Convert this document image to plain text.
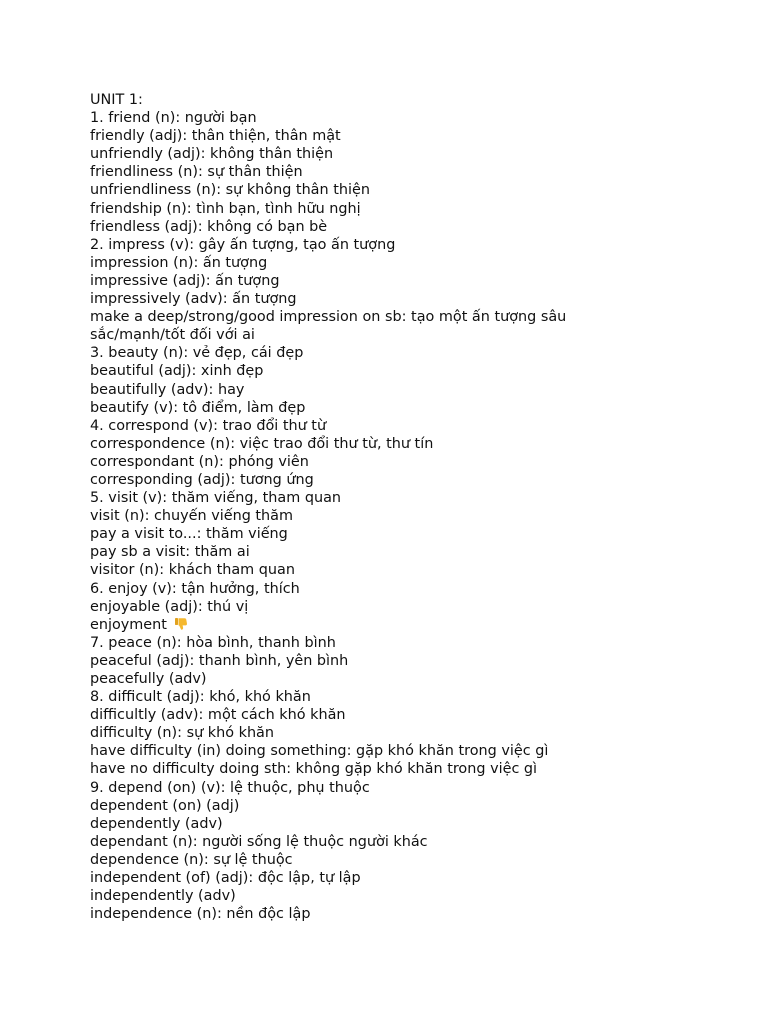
UNIT 1:
1. friend (n): người bạn
friendly (adj): thân thiện, thân mật
unfriendly (adj): không thân thiện
friendliness (n): sự thân thiện
unfriendliness (n): sự không thân thiện
friendship (n): tình bạn, tình hữu nghị
friendless (adj): không có bạn bè
2. impress (v): gây ấn tượng, tạo ấn tượng
impression (n): ấn tượng
impressive (adj): ấn tượng
impressively (adv): ấn tượng
make a deep/strong/good impression on sb: tạo một ấn tượng sâu
sắc/mạnh/tốt đối với ai
3. beauty (n): vẻ đẹp, cái đẹp
beautiful (adj): xinh đẹp
beautifully (adv): hay
beautify (v): tô điểm, làm đẹp
4. correspond (v): trao đổi thư từ
correspondence (n): việc trao đổi thư từ, thư tín
correspondant (n): phóng viên
corresponding (adj): tương ứng
5. visit (v): thăm viếng, tham quan
visit (n): chuyến viếng thăm
pay a visit to...: thăm viếng
pay sb a visit: thăm ai
visitor (n): khách tham quan
6. enjoy (v): tận hưởng, thích
enjoyable (adj): thú vị
enjoyment
7. peace (n): hòa bình, thanh bình
peaceful (adj): thanh bình, yên bình
peacefully (adv)
8. difficult (adj): khó, khó khăn
difficultly (adv): một cách khó khăn
difficulty (n): sự khó khăn
have difficulty (in) doing something: gặp khó khăn trong việc gì
have no difficulty doing sth: không gặp khó khăn trong việc gì
9. depend (on) (v): lệ thuộc, phụ thuộc
dependent (on) (adj)
dependently (adv)
dependant (n): người sống lệ thuộc người khác
dependence (n): sự lệ thuộc
independent (of) (adj): độc lập, tự lập
independently (adv)
independence (n): nền độc lập
